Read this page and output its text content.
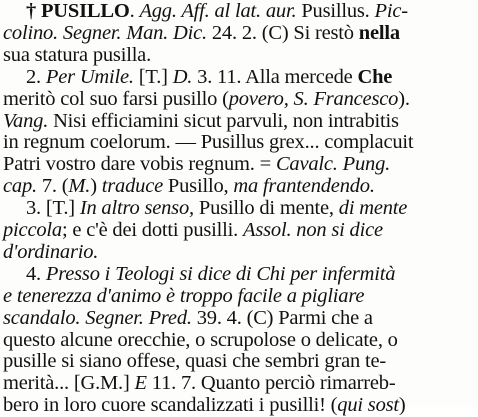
† PUSILLO. Agg. Aff. al lat. aur. Pusillus. Pic-
colino. Segner. Man. Dic. 24. 2. (C) Si restò nella
sua statura pusilla.
2. Per Umile. [T.] D. 3. 11. Alla mercede Che
meritò col suo farsi pusillo (povero, S. Francesco).
Vang. Nisi efficiamini sicut parvuli, non intrabitis
in regnum coelorum. — Pusillus grex... complacuit
Patri vostro dare vobis regnum. = Cavalc. Pung.
cap. 7. (M.) traduce Pusillo, ma frantendendo.
3. [T.] In altro senso, Pusillo di mente, di mente
piccola; e c'è dei dotti pusilli. Assol. non si dice
d'ordinario.
4. Presso i Teologi si dice di Chi per infermità
e tenerezza d'animo è troppo facile a pigliare
scandalo. Segner. Pred. 39. 4. (C) Parmi che a
questo alcune orecchie, o scrupolose o delicate, o
pusille si siano offese, quasi che sembri gran te-
merità... [G.M.] E 11. 7. Quanto perciò rimarreb-
bero in loro cuore scandalizzati i pusilli! (qui sost)
